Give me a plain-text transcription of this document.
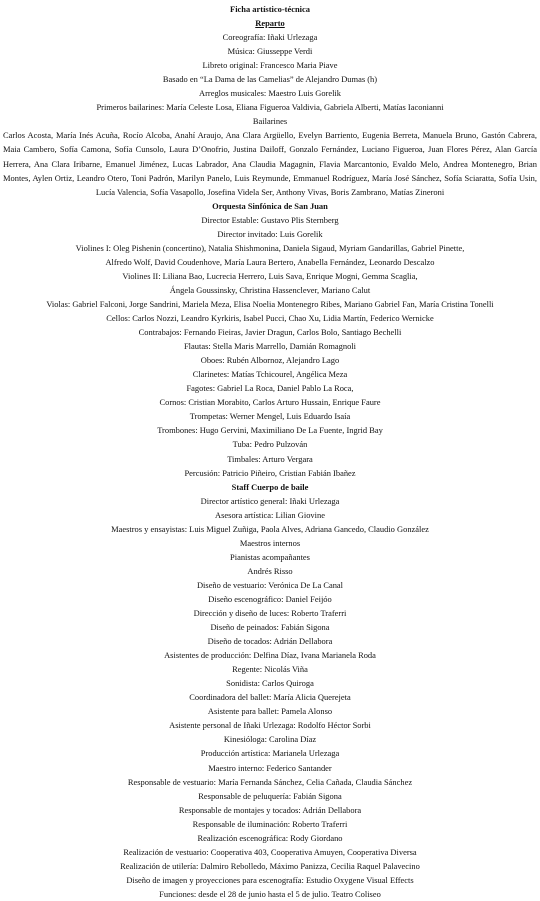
Ficha artístico-técnica
Reparto
Coreografía: Iñaki Urlezaga
Música: Giusseppe Verdi
Libreto original: Francesco Maria Piave
Basado en “La Dama de las Camelias” de Alejandro Dumas (h)
Arreglos musicales: Maestro Luis Gorelik
Primeros bailarines: María Celeste Losa, Eliana Figueroa Valdivia, Gabriela Alberti, Matías Iaconianni
Bailarines
Carlos Acosta, María Inés Acuña, Rocío Alcoba, Anahí Araujo, Ana Clara Argüello, Evelyn Barriento, Eugenia Berreta, Manuela Bruno, Gastón Cabrera, Maia Cambero, Sofía Camona, Sofía Cunsolo, Laura D’Onofrio, Justina Dailoff, Gonzalo Fernández, Luciano Figueroa, Juan Flores Pérez, Alan García Herrera, Ana Clara Iribarne, Emanuel Jiménez, Lucas Labrador, Ana Claudia Magagnin, Flavia Marcantonio, Evaldo Melo, Andrea Montenegro, Brian Montes, Aylen Ortiz, Leandro Otero, Toni Padrón, Marilyn Panelo, Luis Reymunde, Emmanuel Rodríguez, María José Sánchez, Sofía Sciaratta, Sofía Usin, Lucía Valencia, Sofía Vasapollo, Josefina Videla Ser, Anthony Vivas, Boris Zambrano, Matías Zineroni
Orquesta Sinfónica de San Juan
Director Estable: Gustavo Plis Sternberg
Director invitado: Luis Gorelik
Violines I: Oleg Pishenin (concertino), Natalia Shishmonina, Daniela Sigaud, Myriam Gandarillas, Gabriel Pinette,
Alfredo Wolf, David Coudenhove, María Laura Bertero, Anabella Fernández, Leonardo Descalzo
Violines II: Liliana Bao, Lucrecia Herrero, Luis Sava, Enrique Mogni, Gemma Scaglia,
Ángela Goussinsky, Christina Hassenclever, Mariano Calut
Violas: Gabriel Falconi, Jorge Sandrini, Mariela Meza, Elisa Noelia Montenegro Ribes, Mariano Gabriel Fan, María Cristina Tonelli
Cellos: Carlos Nozzi, Leandro Kyrkiris, Isabel Pucci, Chao Xu, Lidia Martín, Federico Wernicke
Contrabajos: Fernando Fieiras, Javier Dragun, Carlos Bolo, Santiago Bechelli
Flautas: Stella Maris Marrello, Damián Romagnoli
Oboes: Rubén Albornoz, Alejandro Lago
Clarinetes: Matías Tchicourel, Angélica Meza
Fagotes: Gabriel La Roca, Daniel Pablo La Roca,
Cornos: Cristian Morabito, Carlos Arturo Hussain, Enrique Faure
Trompetas: Werner Mengel, Luis Eduardo Isaía
Trombones: Hugo Gervini, Maximiliano De La Fuente, Ingrid Bay
Tuba: Pedro Pulzován
Timbales: Arturo Vergara
Percusión: Patricio Piñeiro, Cristian Fabián Ibañez
Staff Cuerpo de baile
Director artístico general: Iñaki Urlezaga
Asesora artística: Lilian Giovine
Maestros y ensayistas: Luis Miguel Zuñiga, Paola Alves, Adriana Gancedo, Claudio González
Maestros internos
Pianistas acompañantes
Andrés Risso
Diseño de vestuario: Verónica De La Canal
Diseño escenográfico: Daniel Feijóo
Dirección y diseño de luces: Roberto Traferri
Diseño de peinados: Fabián Sigona
Diseño de tocados: Adrián Dellabora
Asistentes de producción: Delfina Díaz, Ivana Marianela Roda
Regente: Nicolás Viña
Sonidista: Carlos Quiroga
Coordinadora del ballet: María Alicia Querejeta
Asistente para ballet: Pamela Alonso
Asistente personal de Iñaki Urlezaga: Rodolfo Héctor Sorbi
Kinesióloga: Carolina Díaz
Producción artística: Marianela Urlezaga
Maestro interno: Federico Santander
Responsable de vestuario: María Fernanda Sánchez, Celia Cañada, Claudia Sánchez
Responsable de peluquería: Fabián Sigona
Responsable de montajes y tocados: Adrián Dellabora
Responsable de iluminación: Roberto Traferri
Realización escenográfica: Rody Giordano
Realización de vestuario: Cooperativa 403, Cooperativa Amuyen, Cooperativa Diversa
Realización de utilería: Dalmiro Rebolledo, Máximo Panizza, Cecilia Raquel Palavecino
Diseño de imagen y proyecciones para escenografía: Estudio Oxygene Visual Effects
Funciones: desde el 28 de junio hasta el 5 de julio. Teatro Coliseo
